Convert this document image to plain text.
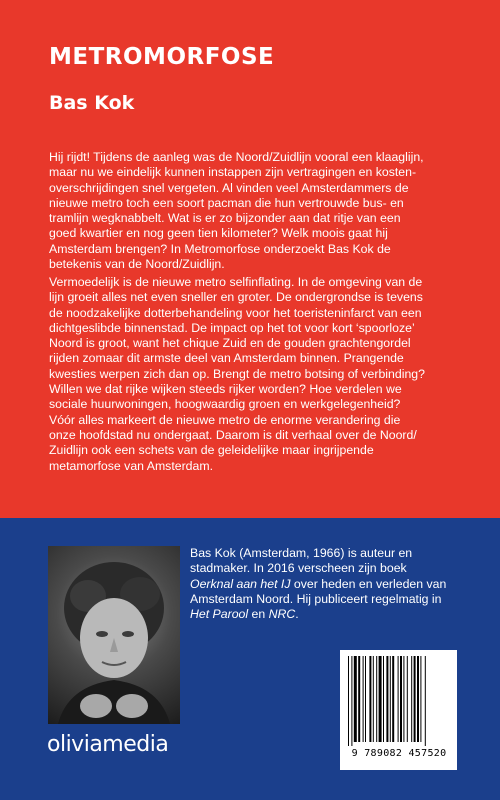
METROMORFOSE
Bas Kok

Hij rijdt! Tijdens de aanleg was de Noord/Zuidlijn vooral een klaaglijn,
maar nu we eindelijk kunnen instappen zijn vertragingen en kosten-
overschrijdingen snel vergeten. Al vinden veel Amsterdammers de
nieuwe metro toch een soort pacman die hun vertrouwde bus- en
tramlijn wegknabbelt. Wat is er zo bijzonder aan dat ritje van een
goed kwartier en nog geen tien kilometer? Welk moois gaat hij
Amsterdam brengen? In Metromorfose onderzoekt Bas Kok de
betekenis van de Noord/Zuidlijn.

Vermoedelijk is de nieuwe metro selfinflating. In de omgeving van de
lijn groeit alles net even sneller en groter. De ondergrondse is tevens
de noodzakelijke dotterbehandeling voor het toeristeninfarct van een
dichtgeslibde binnenstad. De impact op het tot voor kort ‘spoorloze’
Noord is groot, want het chique Zuid en de gouden grachtengordel
rijden zomaar dit armste deel van Amsterdam binnen. Prangende
kwesties werpen zich dan op. Brengt de metro botsing of verbinding?
Willen we dat rijke wijken steeds rijker worden? Hoe verdelen we
sociale huurwoningen, hoogwaardig groen en werkgelegenheid?
Vóór alles markeert de nieuwe metro de enorme verandering die
onze hoofdstad nu ondergaat. Daarom is dit verhaal over de Noord/
Zuidlijn ook een schets van de geleidelijke maar ingrijpende
metamorfose van Amsterdam.

Bas Kok (Amsterdam, 1966) is auteur en
stadmaker. In 2016 verscheen zijn boek
Oerknal aan het IJ over heden en verleden van
Amsterdam Noord. Hij publiceert regelmatig in
Het Parool en NRC.

oliviamedia	9 789082 457520
